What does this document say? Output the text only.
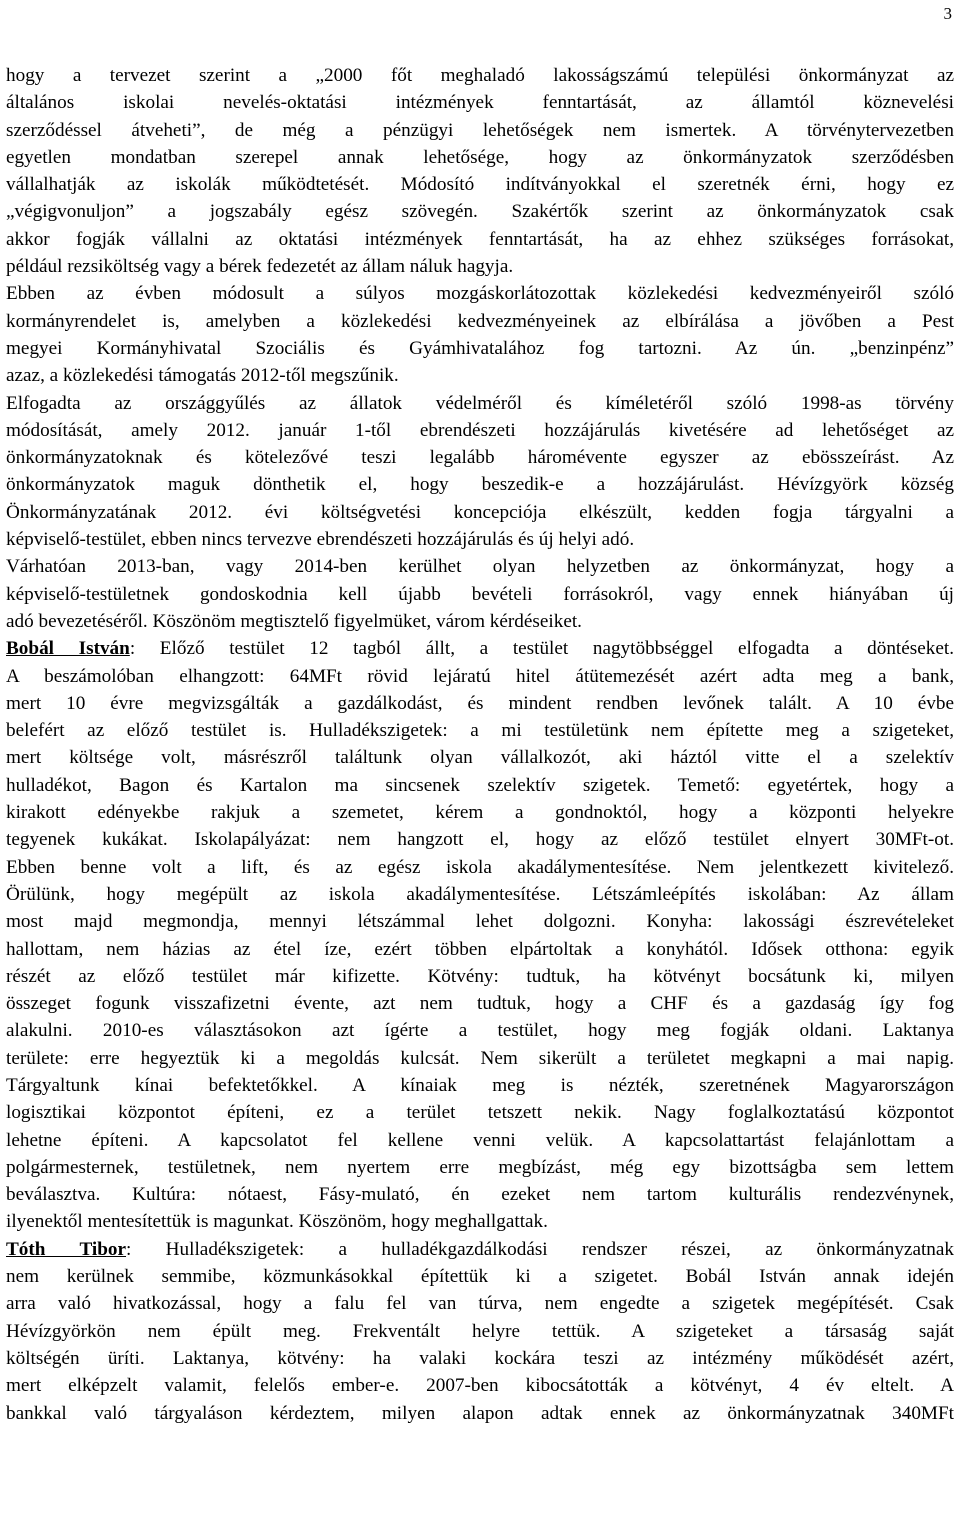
3
hogy a tervezet szerint a „2000 főt meghaladó lakosságszámú települési önkormányzat az
általános iskolai nevelés-oktatási intézmények fenntartását, az államtól köznevelési
szerződéssel átveheti”, de még a pénzügyi lehetőségek nem ismertek. A törvénytervezetben
egyetlen mondatban szerepel annak lehetősége, hogy az önkormányzatok szerződésben
vállalhatják az iskolák működtetését. Módosító indítványokkal el szeretnék érni, hogy ez
„végigvonuljon” a jogszabály egész szövegén. Szakértők szerint az önkormányzatok csak
akkor fogják vállalni az oktatási intézmények fenntartását, ha az ehhez szükséges forrásokat,
például rezsiköltség vagy a bérek fedezetét az állam náluk hagyja.
Ebben az évben módosult a súlyos mozgáskorlátozottak közlekedési kedvezményeiről szóló
kormányrendelet is, amelyben a közlekedési kedvezményeinek az elbírálása a jövőben a Pest
megyei Kormányhivatal Szociális és Gyámhivatalához fog tartozni. Az ún. „benzinpénz”
azaz, a közlekedési támogatás 2012-től megszűnik.
Elfogadta az országgyűlés az állatok védelméről és kíméletéről szóló 1998-as törvény
módosítását, amely 2012. január 1-től ebrendészeti hozzájárulás kivetésére ad lehetőséget az
önkormányzatoknak és kötelezővé teszi legalább háromévente egyszer az ebösszeírást. Az
önkormányzatok maguk dönthetik el, hogy beszedik-e a hozzájárulást. Hévízgyörk község
Önkormányzatának 2012. évi költségvetési koncepciója elkészült, kedden fogja tárgyalni a
képviselő-testület, ebben nincs tervezve ebrendészeti hozzájárulás és új helyi adó.
Várhatóan 2013-ban, vagy 2014-ben kerülhet olyan helyzetben az önkormányzat, hogy a
képviselő-testületnek gondoskodnia kell újabb bevételi forrásokról, vagy ennek hiányában új
adó bevezetéséről. Köszönöm megtisztelő figyelmüket, várom kérdéseiket.
Bobál István: Előző testület 12 tagból állt, a testület nagytöbbséggel elfogadta a döntéseket.
A beszámolóban elhangzott: 64MFt rövid lejáratú hitel átütemezését azért adta meg a bank,
mert 10 évre megvizsgálták a gazdálkodást, és mindent rendben levőnek talált. A 10 évbe
belefért az előző testület is. Hulladékszigetek: a mi testületünk nem építette meg a szigeteket,
mert költsége volt, másrészről találtunk olyan vállalkozót, aki háztól vitte el a szelektív
hulladékot, Bagon és Kartalon ma sincsenek szelektív szigetek. Temető: egyetértek, hogy a
kirakott edényekbe rakjuk a szemetet, kérem a gondnoktól, hogy a központi helyekre
tegyenek kukákat. Iskolapályázat: nem hangzott el, hogy az előző testület elnyert 30MFt-ot.
Ebben benne volt a lift, és az egész iskola akadálymentesítése. Nem jelentkezett kivitelező.
Örülünk, hogy megépült az iskola akadálymentesítése. Létszámleépítés iskolában: Az állam
most majd megmondja, mennyi létszámmal lehet dolgozni. Konyha: lakossági észrevételeket
hallottam, nem házias az étel íze, ezért többen elpártoltak a konyhától. Idősek otthona: egyik
részét az előző testület már kifizette. Kötvény: tudtuk, ha kötvényt bocsátunk ki, milyen
összeget fogunk visszafizetni évente, azt nem tudtuk, hogy a CHF és a gazdaság így fog
alakulni. 2010-es választásokon azt ígérte a testület, hogy meg fogják oldani. Laktanya
területe: erre hegyeztük ki a megoldás kulcsát. Nem sikerült a területet megkapni a mai napig.
Tárgyaltunk kínai befektetőkkel. A kínaiak meg is nézték, szeretnének Magyarországon
logisztikai központot építeni, ez a terület tetszett nekik. Nagy foglalkoztatású központot
lehetne építeni. A kapcsolatot fel kellene venni velük. A kapcsolattartást felajánlottam a
polgármesternek, testületnek, nem nyertem erre megbízást, még egy bizottságba sem lettem
beválasztva. Kultúra: nótaest, Fásy-mulató, én ezeket nem tartom kulturális rendezvénynek,
ilyenektől mentesítettük is magunkat. Köszönöm, hogy meghallgattak.
Tóth Tibor: Hulladékszigetek: a hulladékgazdálkodási rendszer részei, az önkormányzatnak
nem kerülnek semmibe, közmunkásokkal építettük ki a szigetet. Bobál István annak idején
arra való hivatkozással, hogy a falu fel van túrva, nem engedte a szigetek megépítését. Csak
Hévízgyörkön nem épült meg. Frekventált helyre tettük. A szigeteket a társaság saját
költségén üríti. Laktanya, kötvény: ha valaki kockára teszi az intézmény működését azért,
mert elképzelt valamit, felelős ember-e. 2007-ben kibocsátották a kötvényt, 4 év eltelt. A
bankkal való tárgyaláson kérdeztem, milyen alapon adtak ennek az önkormányzatnak 340MFt
